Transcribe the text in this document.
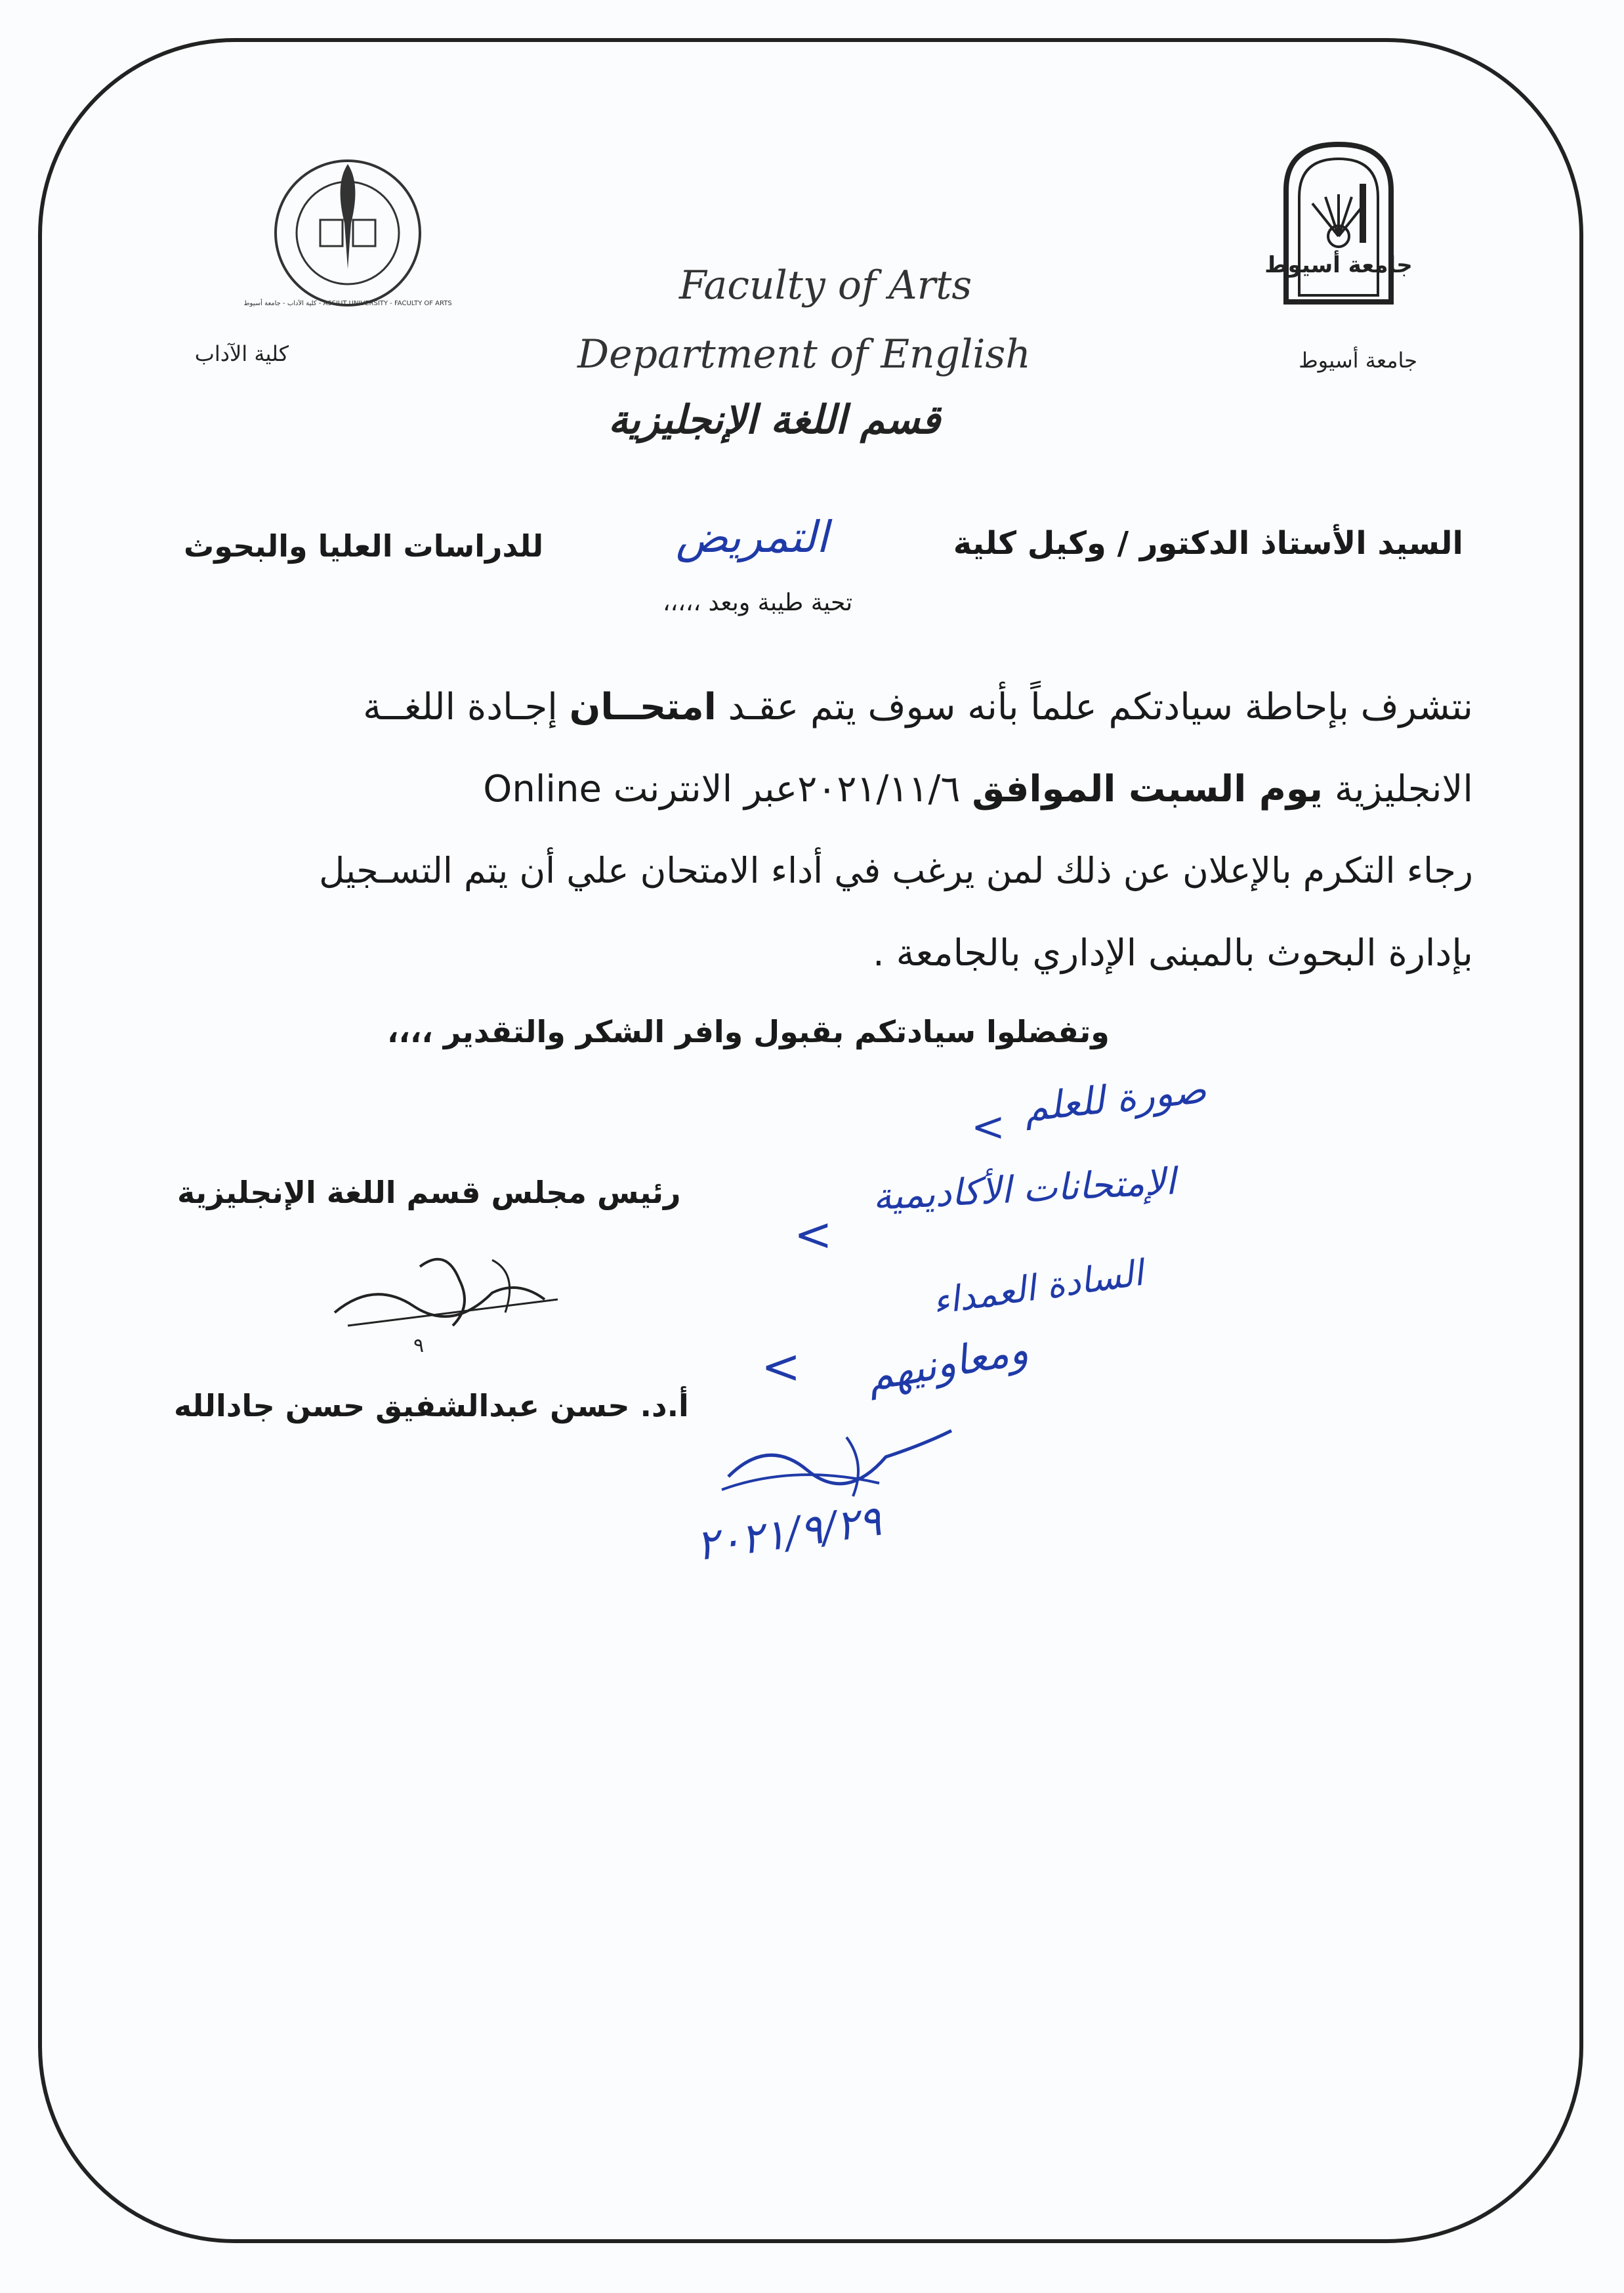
جامعة أسيوط
جامعة أسيوط
كلية الآداب - جامعة أسيوط - ASSIUT UNIVERSITY - FACULTY OF ARTS
كلية الآداب
Faculty of Arts
Department of English
قسم اللغة الإنجليزية
السيد الأستاذ الدكتور / وكيل كلية
التمريض
للدراسات العليا والبحوث
تحية طيبة وبعد ،،،،،
نتشرف بإحاطة سيادتكم علماً بأنه سوف يتم عقـد امتحــان إجـادة اللغــة
الانجليزية يوم السبت الموافق ٢٠٢١/١١/٦عبر الانترنت Online
رجاء التكرم بالإعلان عن ذلك لمن يرغب في أداء الامتحان علي أن يتم التسـجيل
بإدارة البحوث بالمبنى الإداري بالجامعة .
وتفضلوا سيادتكم بقبول وافر الشكر والتقدير ،،،،
رئيس مجلس قسم اللغة الإنجليزية
٩
أ.د. حسن عبدالشفيق حسن جادالله
صورة للعلم
<
الإمتحانات الأكاديمية
<
السادة العمداء
< ومعاونيهم
٢٠٢١/٩/٢٩
